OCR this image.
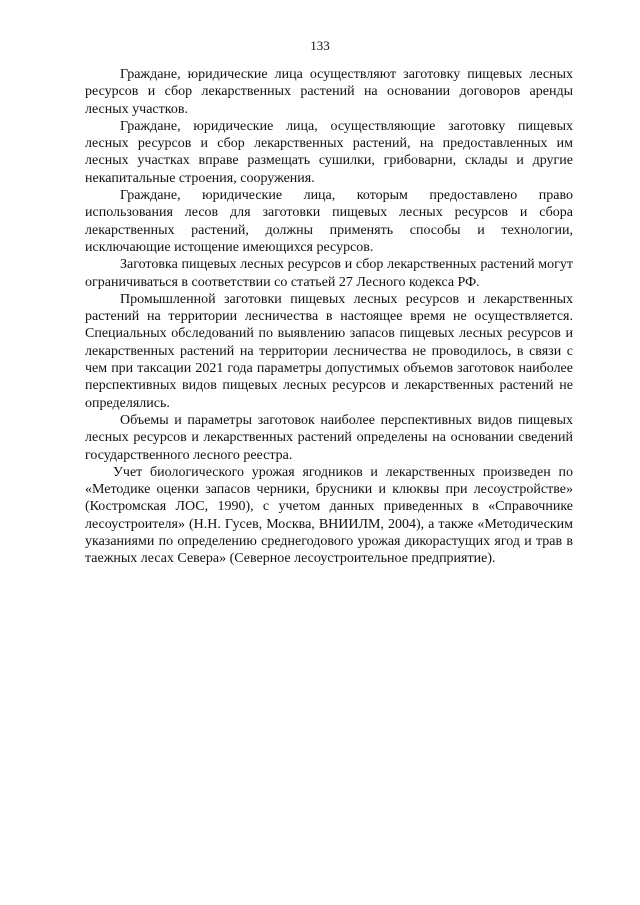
133

Граждане, юридические лица осуществляют заготовку пищевых лесных ресурсов и сбор лекарственных растений на основании договоров аренды лесных участков.

Граждане, юридические лица, осуществляющие заготовку пищевых лесных ресурсов и сбор лекарственных растений, на предоставленных им лесных участках вправе размещать сушилки, грибоварни, склады и другие некапитальные строения, сооружения.

Граждане, юридические лица, которым предоставлено право использования лесов для заготовки пищевых лесных ресурсов и сбора лекарственных растений, должны применять способы и технологии, исключающие истощение имеющихся ресурсов.

Заготовка пищевых лесных ресурсов и сбор лекарственных растений могут ограничиваться в соответствии со статьей 27 Лесного кодекса РФ.

Промышленной заготовки пищевых лесных ресурсов и лекарственных растений на территории лесничества в настоящее время не осуществляется. Специальных обследований по выявлению запасов пищевых лесных ресурсов и лекарственных растений на территории лесничества не проводилось, в связи с чем при таксации 2021 года параметры допустимых объемов заготовок наиболее перспективных видов пищевых лесных ресурсов и лекарственных растений не определялись.

Объемы и параметры заготовок наиболее перспективных видов пищевых лесных ресурсов и лекарственных растений определены на основании сведений государственного лесного реестра.

Учет биологического урожая ягодников и лекарственных произведен по «Методике оценки запасов черники, брусники и клюквы при лесоустройстве» (Костромская ЛОС, 1990), с учетом данных приведенных в «Справочнике лесоустроителя» (Н.Н. Гусев, Москва, ВНИИЛМ, 2004), а также «Методическим указаниями по определению среднегодового урожая дикорастущих ягод и трав в таежных лесах Севера» (Северное лесоустроительное предприятие).
